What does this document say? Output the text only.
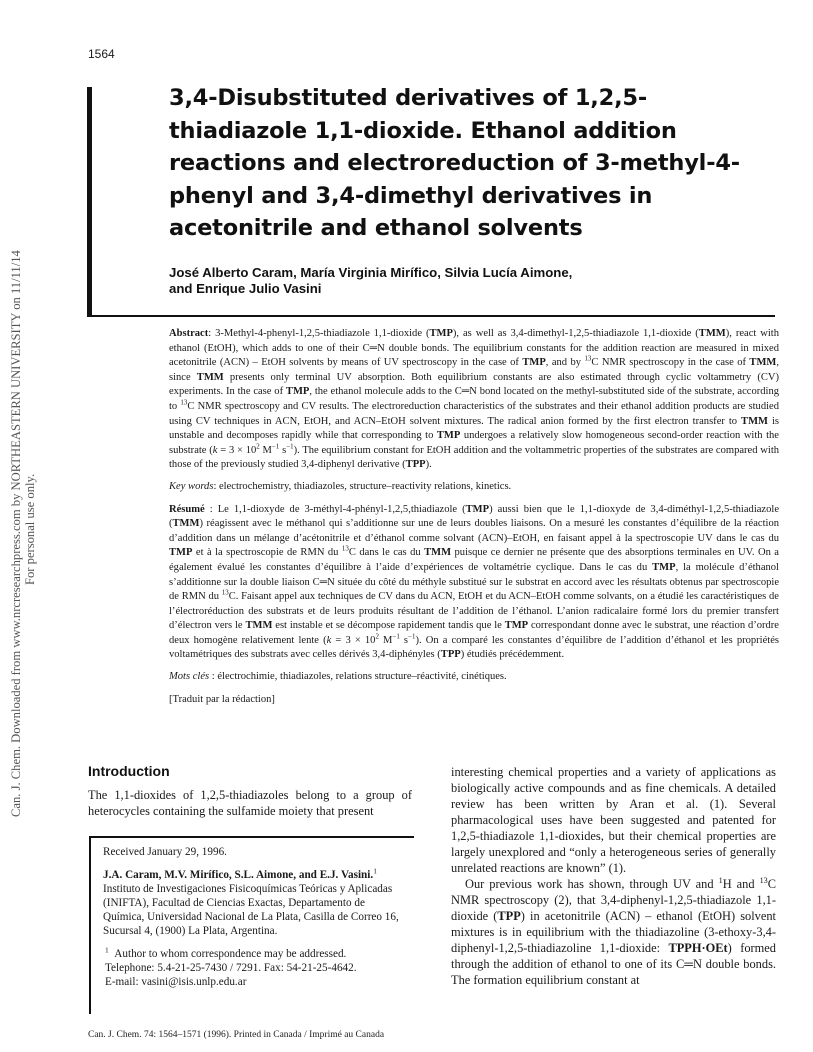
1564
Can. J. Chem. Downloaded from www.nrcresearchpress.com by NORTHEASTERN UNIVERSITY on 11/11/14 For personal use only.
3,4-Disubstituted derivatives of 1,2,5-thiadiazole 1,1-dioxide. Ethanol addition reactions and electroreduction of 3-methyl-4-phenyl and 3,4-dimethyl derivatives in acetonitrile and ethanol solvents
José Alberto Caram, María Virginia Mirífico, Silvia Lucía Aimone,
and Enrique Julio Vasini

Abstract: 3-Methyl-4-phenyl-1,2,5-thiadiazole 1,1-dioxide (TMP), as well as 3,4-dimethyl-1,2,5-thiadiazole 1,1-dioxide (TMM), react with ethanol (EtOH), which adds to one of their C═N double bonds. The equilibrium constants for the addition reaction are measured in mixed acetonitrile (ACN) – EtOH solvents by means of UV spectroscopy in the case of TMP, and by $^{13}$C NMR spectroscopy in the case of TMM, since TMM presents only terminal UV absorption. Both equilibrium constants are also estimated through cyclic voltammetry (CV) experiments. In the case of TMP, the ethanol molecule adds to the C═N bond located on the methyl-substituted side of the substrate, according to $^{13}$C NMR spectroscopy and CV results. The electroreduction characteristics of the substrates and their ethanol addition products are studied using CV techniques in ACN, EtOH, and ACN–EtOH solvent mixtures. The radical anion formed by the first electron transfer to TMM is unstable and decomposes rapidly while that corresponding to TMP undergoes a relatively slow homogeneous second-order reaction with the substrate ($k = 3 \times 10^2$ $M^{-1}$ $s^{-1}$). The equilibrium constant for EtOH addition and the voltammetric properties of the substrates are compared with those of the previously studied 3,4-diphenyl derivative (TPP).

Key words: electrochemistry, thiadiazoles, structure–reactivity relations, kinetics.

Résumé : Le 1,1-dioxyde de 3-méthyl-4-phényl-1,2,5,thiadiazole (TMP) aussi bien que le 1,1-dioxyde de 3,4-diméthyl-1,2,5-thiadiazole (TMM) réagissent avec le méthanol qui s’additionne sur une de leurs doubles liaisons. On a mesuré les constantes d’équilibre de la réaction d’addition dans un mélange d’acétonitrile et d’éthanol comme solvant (ACN)–EtOH, en faisant appel à la spectroscopie UV dans le cas du TMP et à la spectroscopie de RMN du $^{13}$C dans le cas du TMM puisque ce dernier ne présente que des absorptions terminales en UV. On a également évalué les constantes d’équilibre à l’aide d’expériences de voltamétrie cyclique. Dans le cas du TMP, la molécule d’éthanol s’additionne sur la double liaison C═N située du côté du méthyle substitué sur le substrat en accord avec les résultats obtenus par spectroscopie de RMN du $^{13}$C. Faisant appel aux techniques de CV dans du ACN, EtOH et du ACN–EtOH comme solvants, on a étudié les caractéristiques de l’électroréduction des substrats et de leurs produits résultant de l’addition de l’éthanol. L’anion radicalaire formé lors du premier transfert d’électron vers le TMM est instable et se décompose rapidement tandis que le TMP correspondant donne avec le substrat, une réaction d’ordre deux homogène relativement lente ($k = 3 \times 10^2$ $M^{-1}$ $s^{-1}$). On a comparé les constantes d’équilibre de l’addition d’éthanol et les propriétés voltamétriques des substrats avec celles dérivés 3,4-diphényles (TPP) étudiés précédemment.

Mots clés : électrochimie, thiadiazoles, relations structure–réactivité, cinétiques.

[Traduit par la rédaction]

Introduction

The 1,1-dioxides of 1,2,5-thiadiazoles belong to a group of heterocycles containing the sulfamide moiety that present

interesting chemical properties and a variety of applications as biologically active compounds and as fine chemicals. A detailed review has been written by Aran et al. (1). Several pharmacological uses have been suggested and patented for 1,2,5-thiadiazole 1,1-dioxides, but their chemical properties are largely unexplored and “only a heterogeneous series of generally unrelated reactions are known” (1).

Our previous work has shown, through UV and $^1$H and $^{13}$C NMR spectroscopy (2), that 3,4-diphenyl-1,2,5-thiadiazole 1,1-dioxide (TPP) in acetonitrile (ACN) – ethanol (EtOH) solvent mixtures is in equilibrium with the thiadiazoline (3-ethoxy-3,4-diphenyl-1,2,5-thiadiazoline 1,1-dioxide: TPPH·OEt) formed through the addition of ethanol to one of its C═N double bonds. The formation equilibrium constant at

Received January 29, 1996.

J.A. Caram, M.V. Mirífico, S.L. Aimone, and E.J. Vasini.$^1$

Instituto de Investigaciones Fisicoquímicas Teóricas y Aplicadas (INIFTA), Facultad de Ciencias Exactas, Departamento de Química, Universidad Nacional de La Plata, Casilla de Correo 16, Sucursal 4, (1900) La Plata, Argentina.

$^1$ Author to whom correspondence may be addressed.
Telephone: 5.4-21-25-7430 / 7291. Fax: 54-21-25-4642.
E-mail: vasini@isis.unlp.edu.ar
Can. J. Chem. 74: 1564–1571 (1996). Printed in Canada / Imprimé au Canada
